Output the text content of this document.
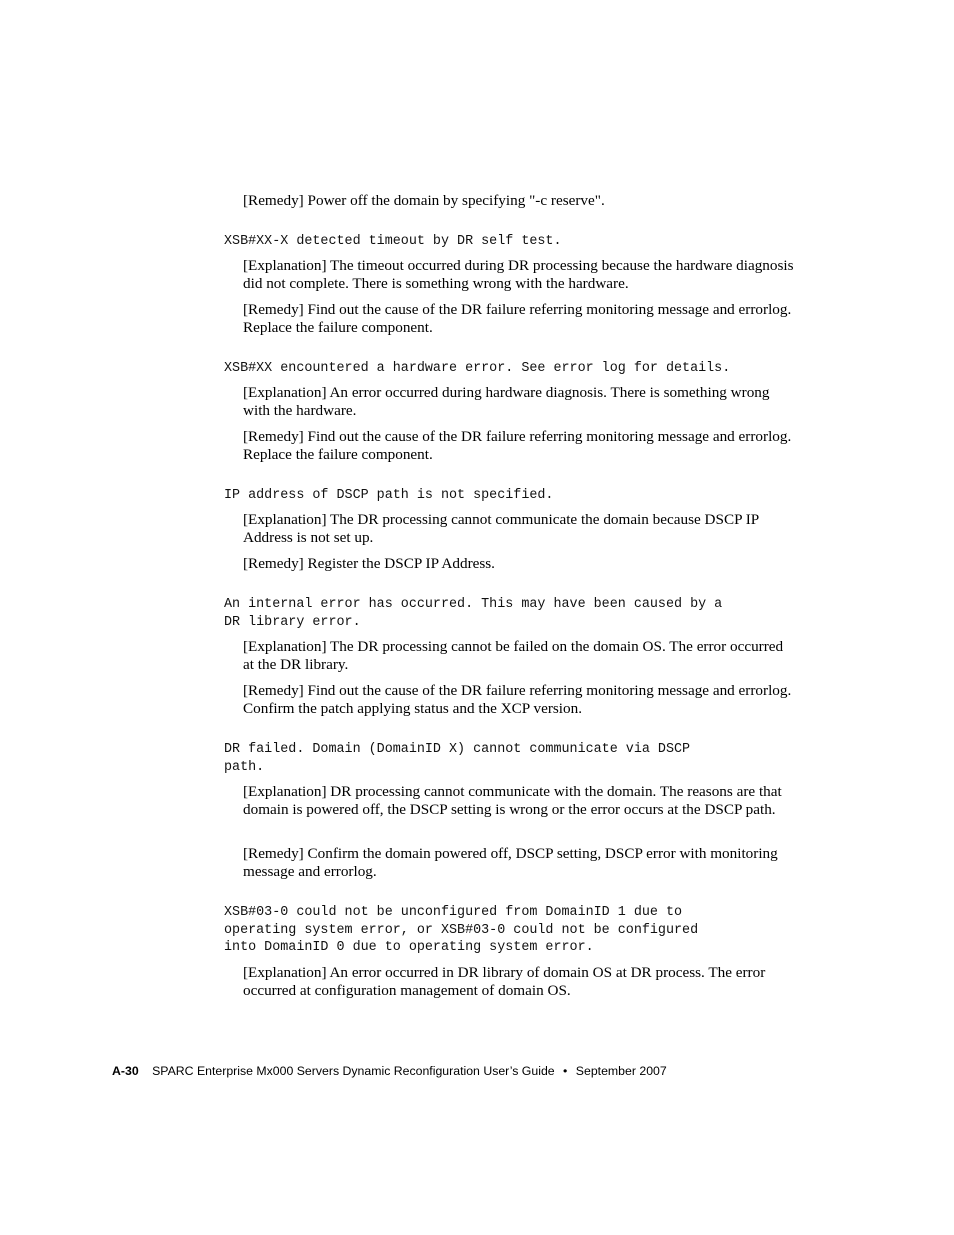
[Remedy] Power off the domain by specifying "-c reserve".

XSB#XX-X detected timeout by DR self test.

[Explanation] The timeout occurred during DR processing because the hardware diagnosis did not complete. There is something wrong with the hardware.

[Remedy] Find out the cause of the DR failure referring monitoring message and errorlog. Replace the failure component.

XSB#XX encountered a hardware error. See error log for details.

[Explanation] An error occurred during hardware diagnosis. There is something wrong with the hardware.

[Remedy] Find out the cause of the DR failure referring monitoring message and errorlog. Replace the failure component.

IP address of DSCP path is not specified.

[Explanation] The DR processing cannot communicate the domain because DSCP IP Address is not set up.

[Remedy] Register the DSCP IP Address.

An internal error has occurred. This may have been caused by a
DR library error.

[Explanation] The DR processing cannot be failed on the domain OS. The error occurred at the DR library.

[Remedy] Find out the cause of the DR failure referring monitoring message and errorlog. Confirm the patch applying status and the XCP version.

DR failed. Domain (DomainID X) cannot communicate via DSCP
path.

[Explanation] DR processing cannot communicate with the domain. The reasons are that domain is powered off, the DSCP setting is wrong or the error occurs at the DSCP path.

[Remedy] Confirm the domain powered off, DSCP setting, DSCP error with monitoring message and errorlog.

XSB#03-0 could not be unconfigured from DomainID 1 due to
operating system error, or XSB#03-0 could not be configured
into DomainID 0 due to operating system error.

[Explanation] An error occurred in DR library of domain OS at DR process. The error occurred at configuration management of domain OS.

A-30 SPARC Enterprise Mx000 Servers Dynamic Reconfiguration User’s Guide • September 2007
